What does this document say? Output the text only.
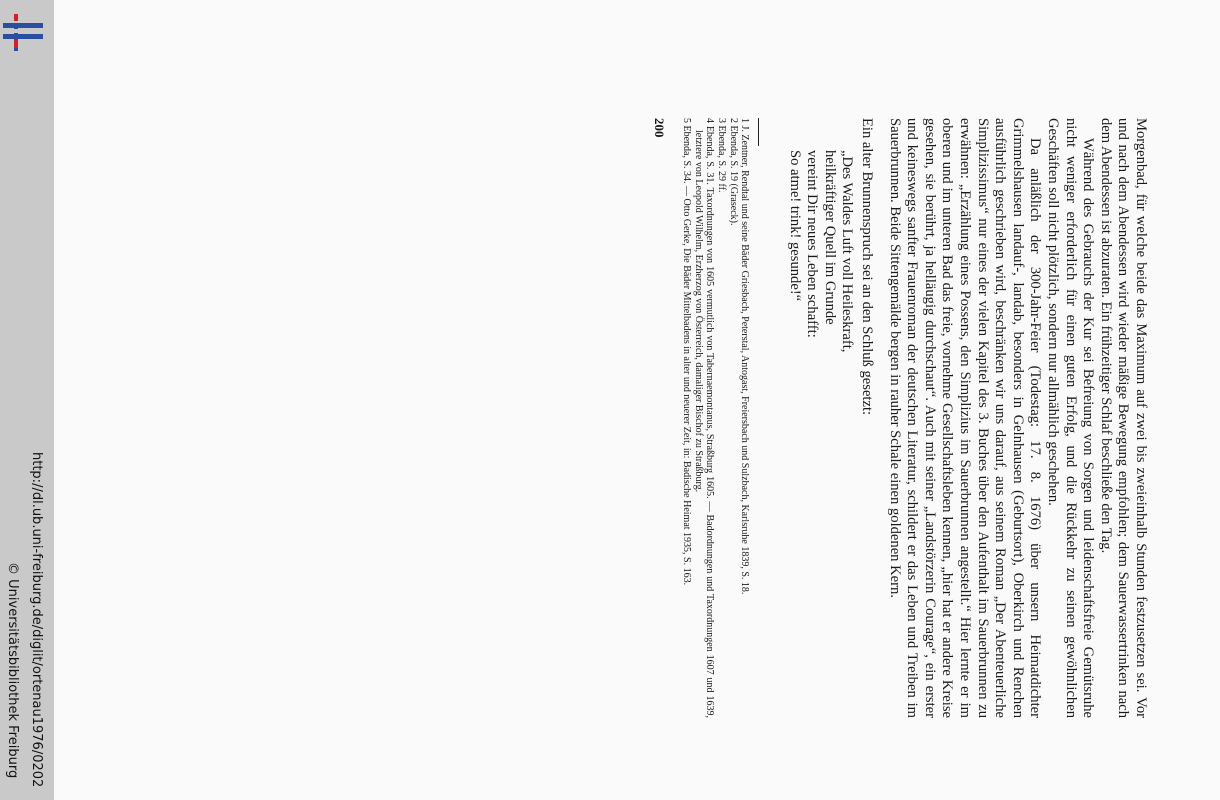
http://dl.ub.uni-freiburg.de/diglit/ortenau1976/0202
© Universitätsbibliothek Freiburg	Morgenbad, für welche beide das Maximum auf zwei bis zweieinhalb Stunden festzusetzen sei. Vor und nach dem Abendessen wird wieder mäßige Bewegung empfohlen; dem Sauerwassertrinken nach dem Abendessen ist abzuraten. Ein frühzeitiger Schlaf beschließe den Tag.

Während des Gebrauchs der Kur sei Befreiung von Sorgen und leidenschaftsfreie Gemütsruhe nicht weniger erforderlich für einen guten Erfolg, und die Rückkehr zu seinen gewöhnlichen Geschäften soll nicht plötzlich, sondern nur allmählich geschehen.

Da anläßlich der 300-Jahr-Feier (Todestag: 17. 8. 1676) über unsern Heimatdichter Grimmelshausen landauf-, landab, besonders in Gelnhausen (Geburtsort), Oberkirch und Renchen ausführlich geschrieben wird, beschränken wir uns darauf, aus seinem Roman „Der Abenteuerliche Simplizissimus“ nur eines der vielen Kapitel des 3. Buches über den Aufenthalt im Sauerbrunnen zu erwähnen: „Erzählung eines Possens, den Simplizius im Sauerbrunnen angestellt.“ Hier lernte er im oberen und im unteren Bad das freie, vornehme Gesellschaftsleben kennen, „hier hat er andere Kreise gesehen, sie berührt, ja helläugig durchschaut“. Auch mit seiner „Landstörzerin Courage“, ein erster und keineswegs sanfter Frauenroman der deutschen Literatur, schildert er das Leben und Treiben im Sauerbrunnen. Beide Sittengemälde bergen in rauher Schale einen goldenen Kern.

Ein alter Brunnenspruch sei an den Schluß gesetzt:

„Des Waldes Luft voll Heileskraft,
heilkräftiger Quell im Grunde
vereint Dir neues Leben schafft:
So atme! trink! gesunde!“

1 J. Zentner, Rendtal und seine Bäder Griesbach, Peterstal, Antogast, Freiersbach und Sulzbach, Karlsruhe 1839, S. 18.

2 Ebenda, S. 19 (Graseck).

3 Ebenda, S. 29 ff.

4 Ebenda, S. 31. Taxordnungen von 1605 vermutlich von Tabernaemontanus, Straßburg 1605. — Badordnungen und Taxordnungen 1607 und 1639, letztere von Leopold Wilhelm, Erzherzog von Österreich, damaliger Bischof zu Straßburg.

5 Ebenda, S. 34. — Otto Gerke, Die Bäder Mittelbadens in alter und neuerer Zeit, in: Badische Heimat 1935, S. 163.

200
